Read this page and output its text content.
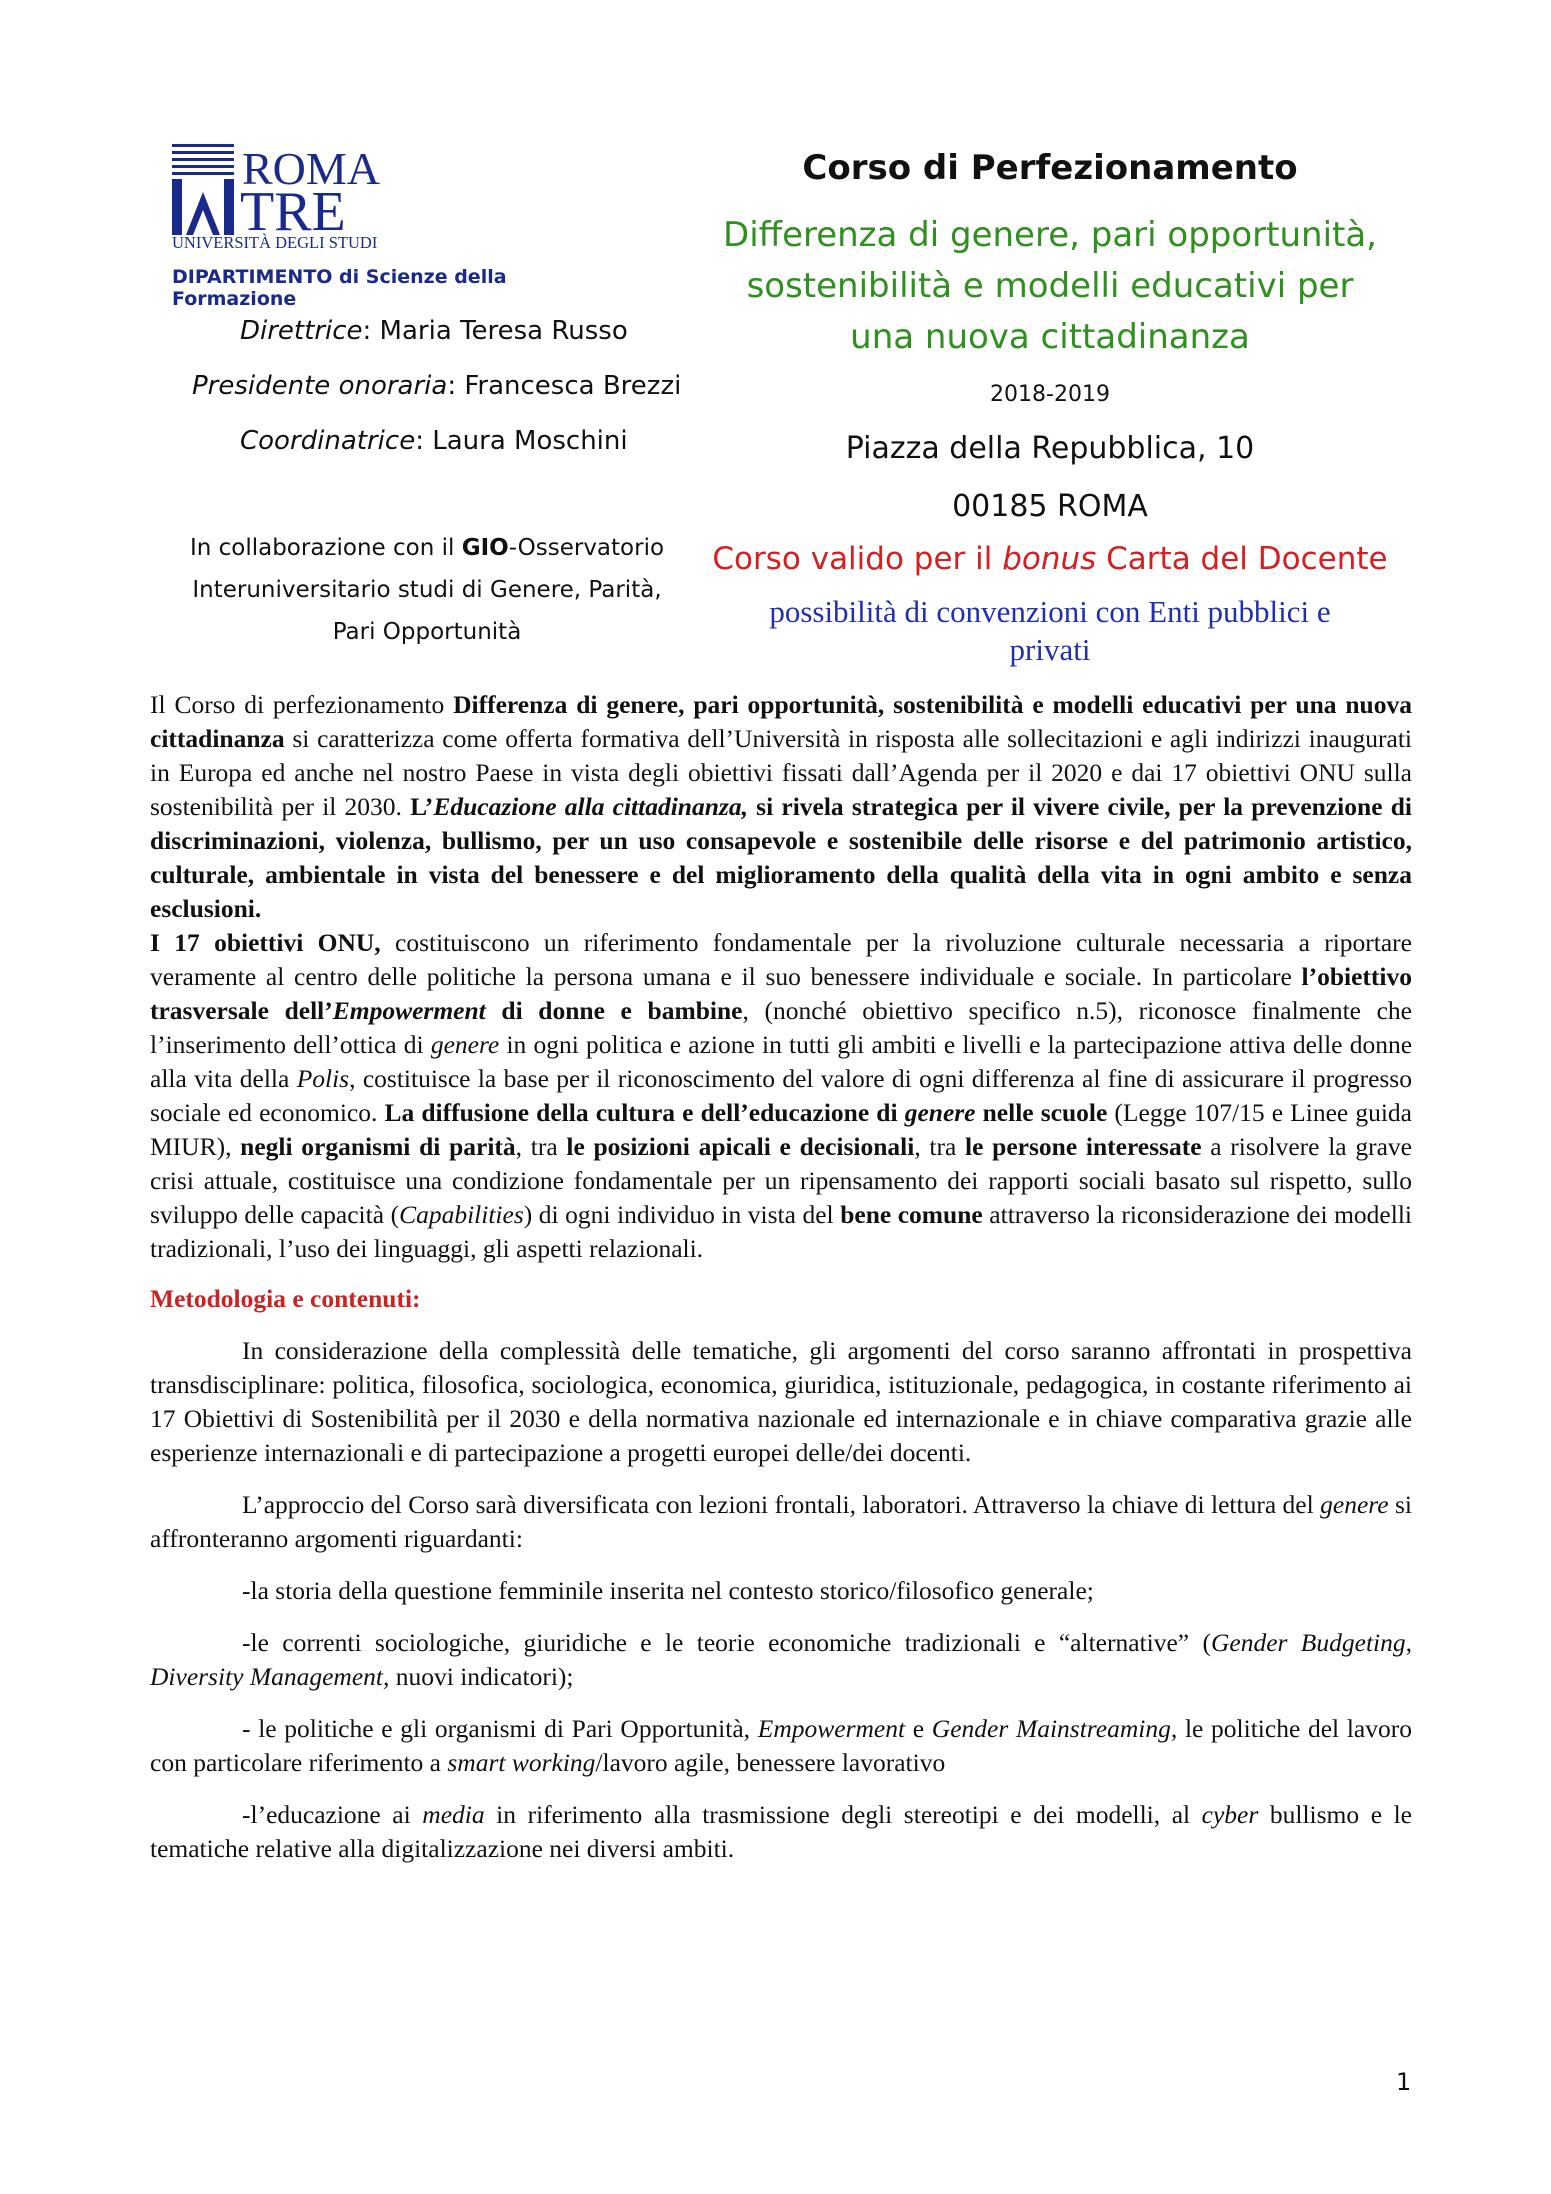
ROMA
TRE
UNIVERSITÀ DEGLI STUDI
DIPARTIMENTO di Scienze della Formazione
Direttrice: Maria Teresa Russo
Presidente onoraria: Francesca Brezzi
Coordinatrice: Laura Moschini
In collaborazione con il GIO-Osservatorio
Interuniversitario studi di Genere, Parità,
Pari Opportunità
Corso di Perfezionamento
Differenza di genere, pari opportunità,
sostenibilità e modelli educativi per
una nuova cittadinanza
2018-2019
Piazza della Repubblica, 10
00185 ROMA
Corso valido per il bonus Carta del Docente
possibilità di convenzioni con Enti pubblici e
privati

Il Corso di perfezionamento Differenza di genere, pari opportunità, sostenibilità e modelli educativi per una nuova cittadinanza si caratterizza come offerta formativa dell’Università in risposta alle sollecitazioni e agli indirizzi inaugurati in Europa ed anche nel nostro Paese in vista degli obiettivi fissati dall’Agenda per il 2020 e dai 17 obiettivi ONU sulla sostenibilità per il 2030. L’Educazione alla cittadinanza, si rivela strategica per il vivere civile, per la prevenzione di discriminazioni, violenza, bullismo, per un uso consapevole e sostenibile delle risorse e del patrimonio artistico, culturale, ambientale in vista del benessere e del miglioramento della qualità della vita in ogni ambito e senza esclusioni.

I 17 obiettivi ONU, costituiscono un riferimento fondamentale per la rivoluzione culturale necessaria a riportare veramente al centro delle politiche la persona umana e il suo benessere individuale e sociale. In particolare l’obiettivo trasversale dell’Empowerment di donne e bambine, (nonché obiettivo specifico n.5), riconosce finalmente che l’inserimento dell’ottica di genere in ogni politica e azione in tutti gli ambiti e livelli e la partecipazione attiva delle donne alla vita della Polis, costituisce la base per il riconoscimento del valore di ogni differenza al fine di assicurare il progresso sociale ed economico. La diffusione della cultura e dell’educazione di genere nelle scuole (Legge 107/15 e Linee guida MIUR), negli organismi di parità, tra le posizioni apicali e decisionali, tra le persone interessate a risolvere la grave crisi attuale, costituisce una condizione fondamentale per un ripensamento dei rapporti sociali basato sul rispetto, sullo sviluppo delle capacità (Capabilities) di ogni individuo in vista del bene comune attraverso la riconsiderazione dei modelli tradizionali, l’uso dei linguaggi, gli aspetti relazionali.

Metodologia e contenuti:

In considerazione della complessità delle tematiche, gli argomenti del corso saranno affrontati in prospettiva transdisciplinare: politica, filosofica, sociologica, economica, giuridica, istituzionale, pedagogica, in costante riferimento ai 17 Obiettivi di Sostenibilità per il 2030 e della normativa nazionale ed internazionale e in chiave comparativa grazie alle esperienze internazionali e di partecipazione a progetti europei delle/dei docenti.

L’approccio del Corso sarà diversificata con lezioni frontali, laboratori. Attraverso la chiave di lettura del genere si affronteranno argomenti riguardanti:

-la storia della questione femminile inserita nel contesto storico/filosofico generale;

-le correnti sociologiche, giuridiche e le teorie economiche tradizionali e “alternative” (Gender Budgeting, Diversity Management, nuovi indicatori);

- le politiche e gli organismi di Pari Opportunità, Empowerment e Gender Mainstreaming, le politiche del lavoro con particolare riferimento a smart working/lavoro agile, benessere lavorativo

-l’educazione ai media in riferimento alla trasmissione degli stereotipi e dei modelli, al cyber bullismo e le tematiche relative alla digitalizzazione nei diversi ambiti.

1
